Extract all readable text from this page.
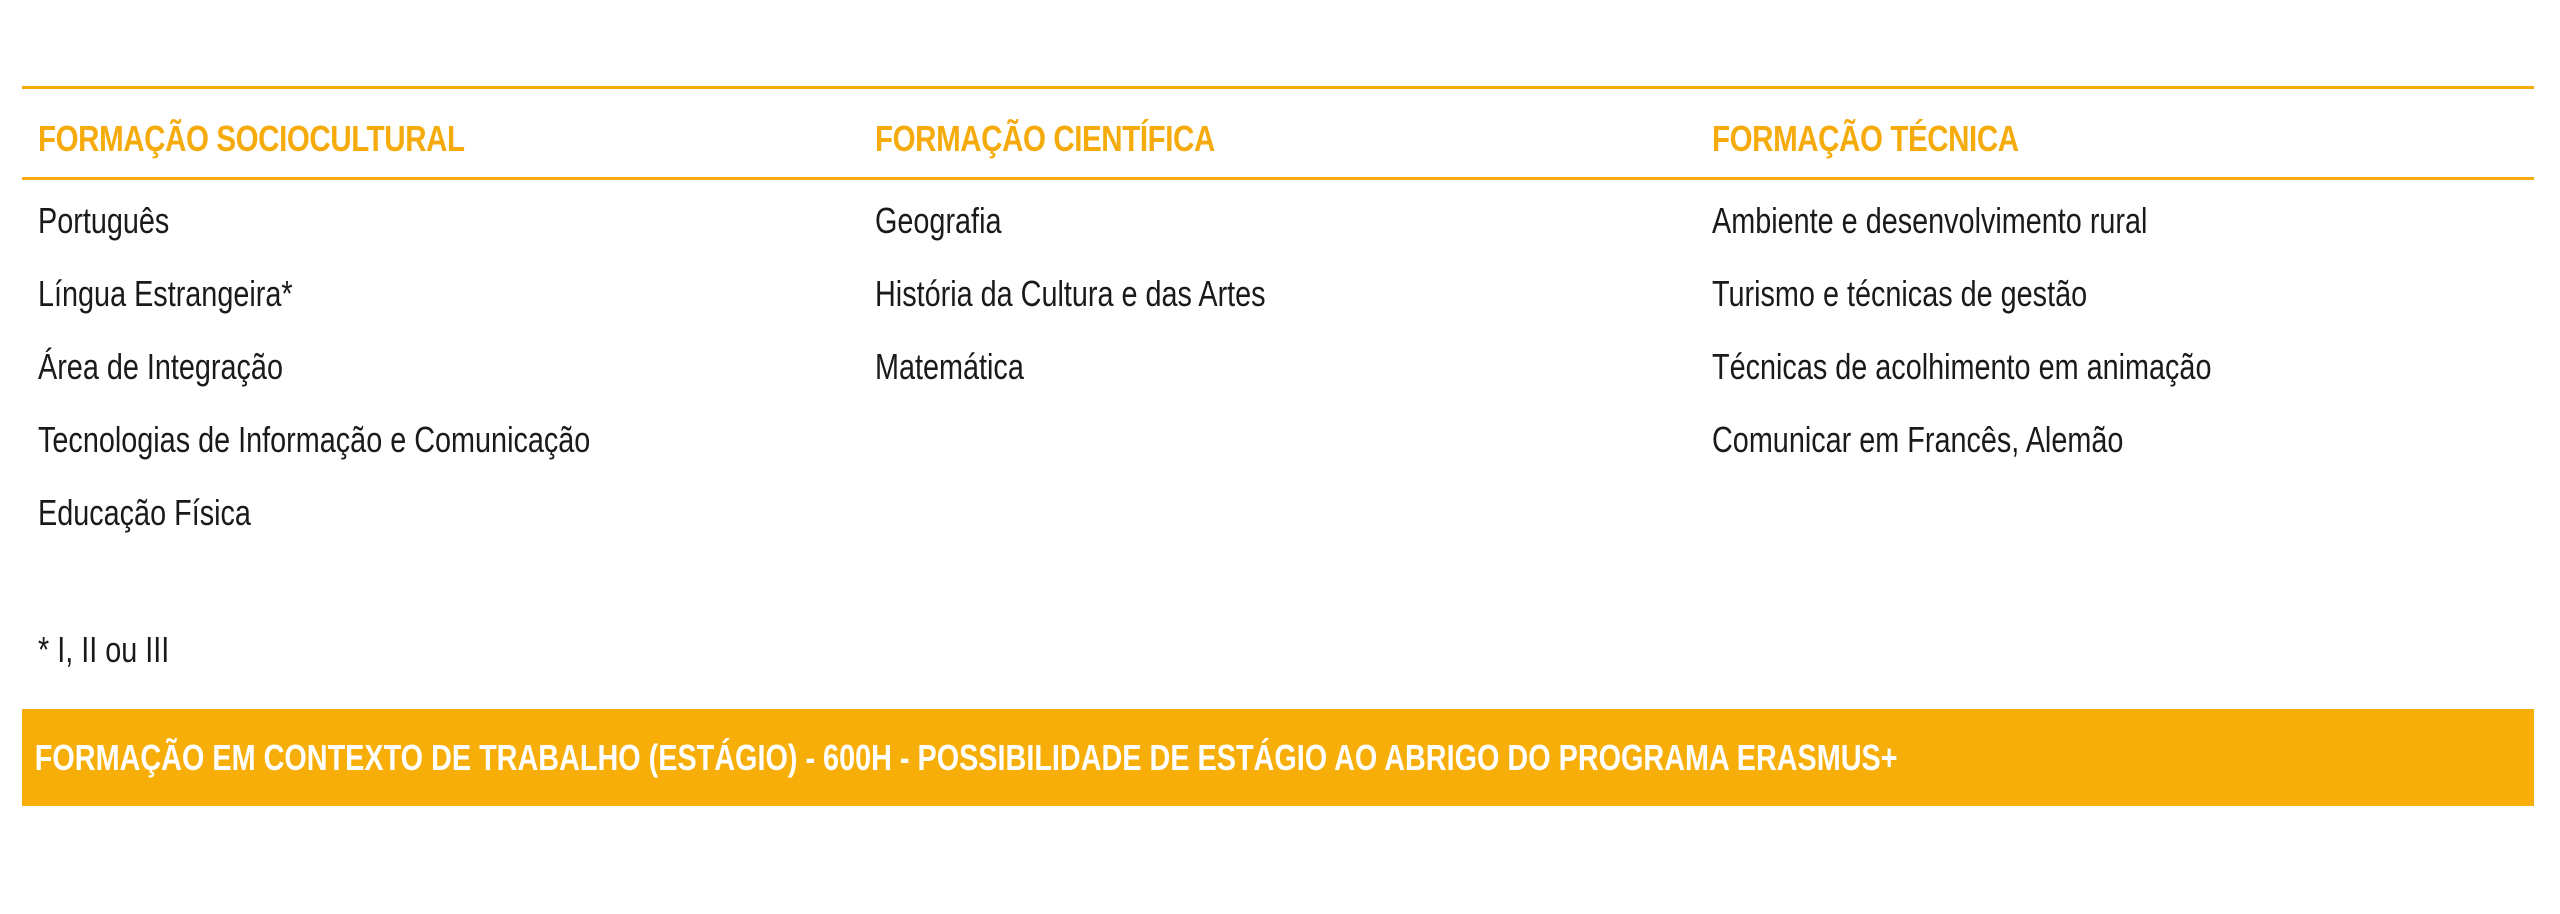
FORMAÇÃO SOCIOCULTURAL	FORMAÇÃO CIENTÍFICA	FORMAÇÃO TÉCNICA
Português
Língua Estrangeira*
Área de Integração
Tecnologias de Informação e Comunicação
Educação Física
Geografia
História da Cultura e das Artes
Matemática
Ambiente e desenvolvimento rural
Turismo e técnicas de gestão
Técnicas de acolhimento em animação
Comunicar em Francês, Alemão
* I, II ou III
FORMAÇÃO EM CONTEXTO DE TRABALHO (ESTÁGIO) - 600H - POSSIBILIDADE DE ESTÁGIO AO ABRIGO DO PROGRAMA ERASMUS+
